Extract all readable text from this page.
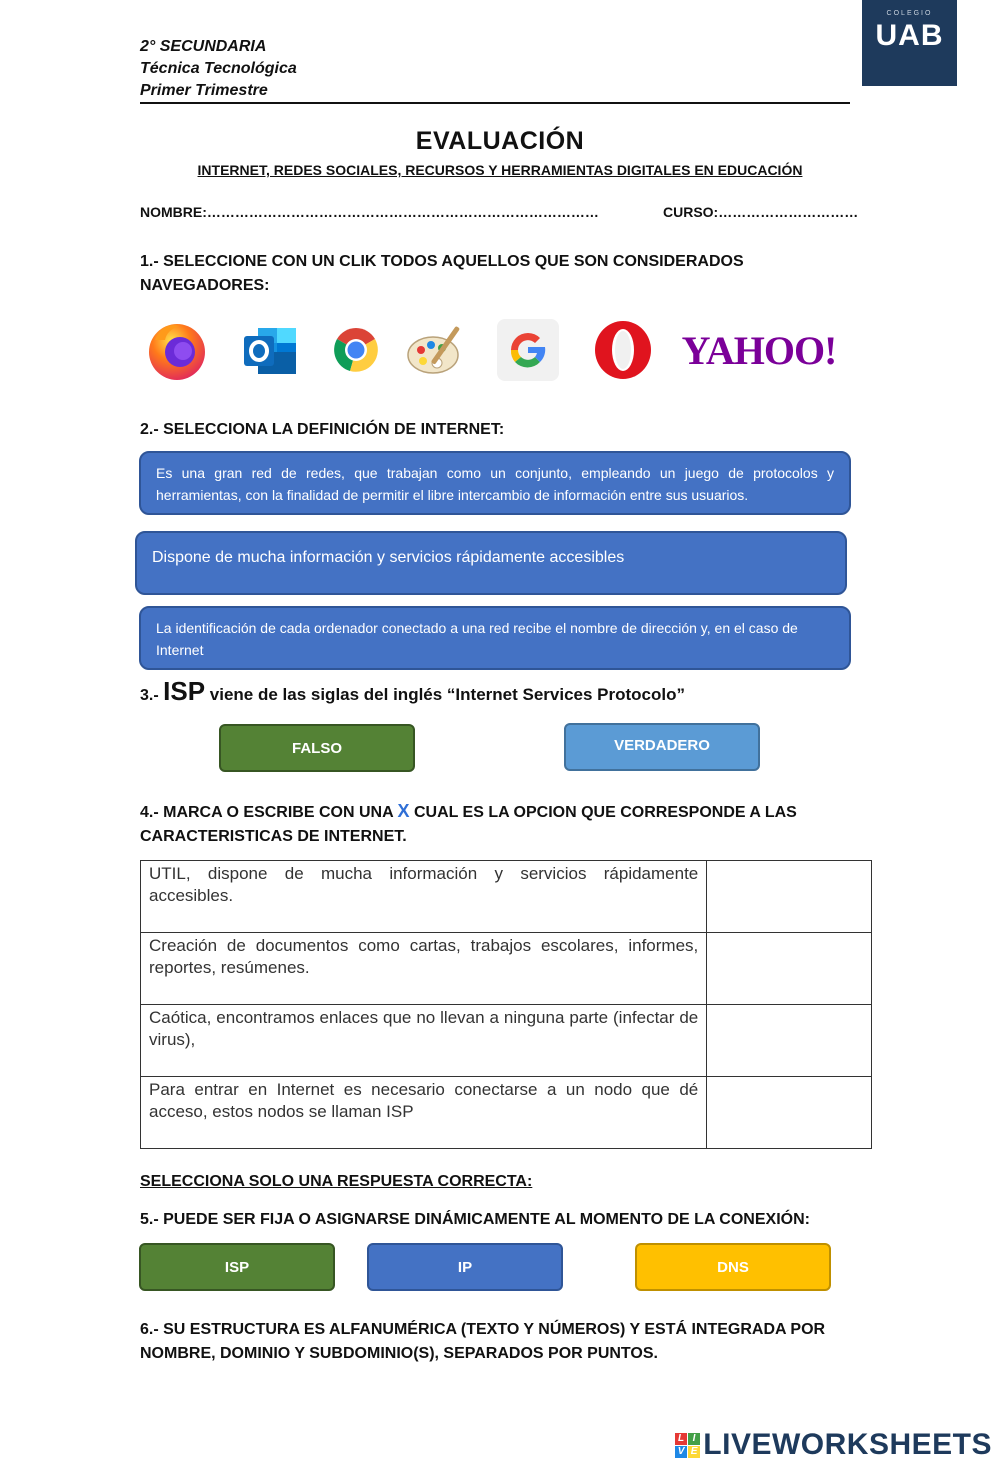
2° SECUNDARIA
Técnica Tecnológica
Primer Trimestre
COLEGIO
UAB
EVALUACIÓN
INTERNET, REDES SOCIALES, RECURSOS Y HERRAMIENTAS DIGITALES EN EDUCACIÓN
NOMBRE:…………………………………………………………………………	CURSO:…………………………
1.- SELECCIONE CON UN CLIK TODOS AQUELLOS QUE SON CONSIDERADOS
NAVEGADORES:
YAHOO!
2.- SELECCIONA LA DEFINICIÓN DE INTERNET:
Es una gran red de redes, que trabajan como un conjunto, empleando un juego de protocolos y herramientas, con la finalidad de permitir el libre intercambio de información entre sus usuarios.
Dispone de mucha información y servicios rápidamente accesibles
La identificación de cada ordenador conectado a una red recibe el nombre de dirección y, en el caso de Internet
3.- ISP viene de las siglas del inglés “Internet Services Protocolo”
FALSO	VERDADERO
4.- MARCA O ESCRIBE CON UNA X CUAL ES LA OPCION QUE CORRESPONDE A LAS
CARACTERISTICAS DE INTERNET.
UTIL, dispone de mucha información y servicios rápidamente accesibles.	
Creación de documentos como cartas, trabajos escolares, informes, reportes, resúmenes.	
Caótica, encontramos enlaces que no llevan a ninguna parte (infectar de virus),	
Para entrar en Internet es necesario conectarse a un nodo que dé acceso, estos nodos se llaman ISP	
SELECCIONA SOLO UNA RESPUESTA CORRECTA:
5.- PUEDE SER FIJA O ASIGNARSE DINÁMICAMENTE AL MOMENTO DE LA CONEXIÓN:
ISP	IP	DNS
6.- SU ESTRUCTURA ES ALFANUMÉRICA (TEXTO Y NÚMEROS) Y ESTÁ INTEGRADA POR
NOMBRE, DOMINIO Y SUBDOMINIO(S), SEPARADOS POR PUNTOS.
L I
V E LIVEWORKSHEETS
